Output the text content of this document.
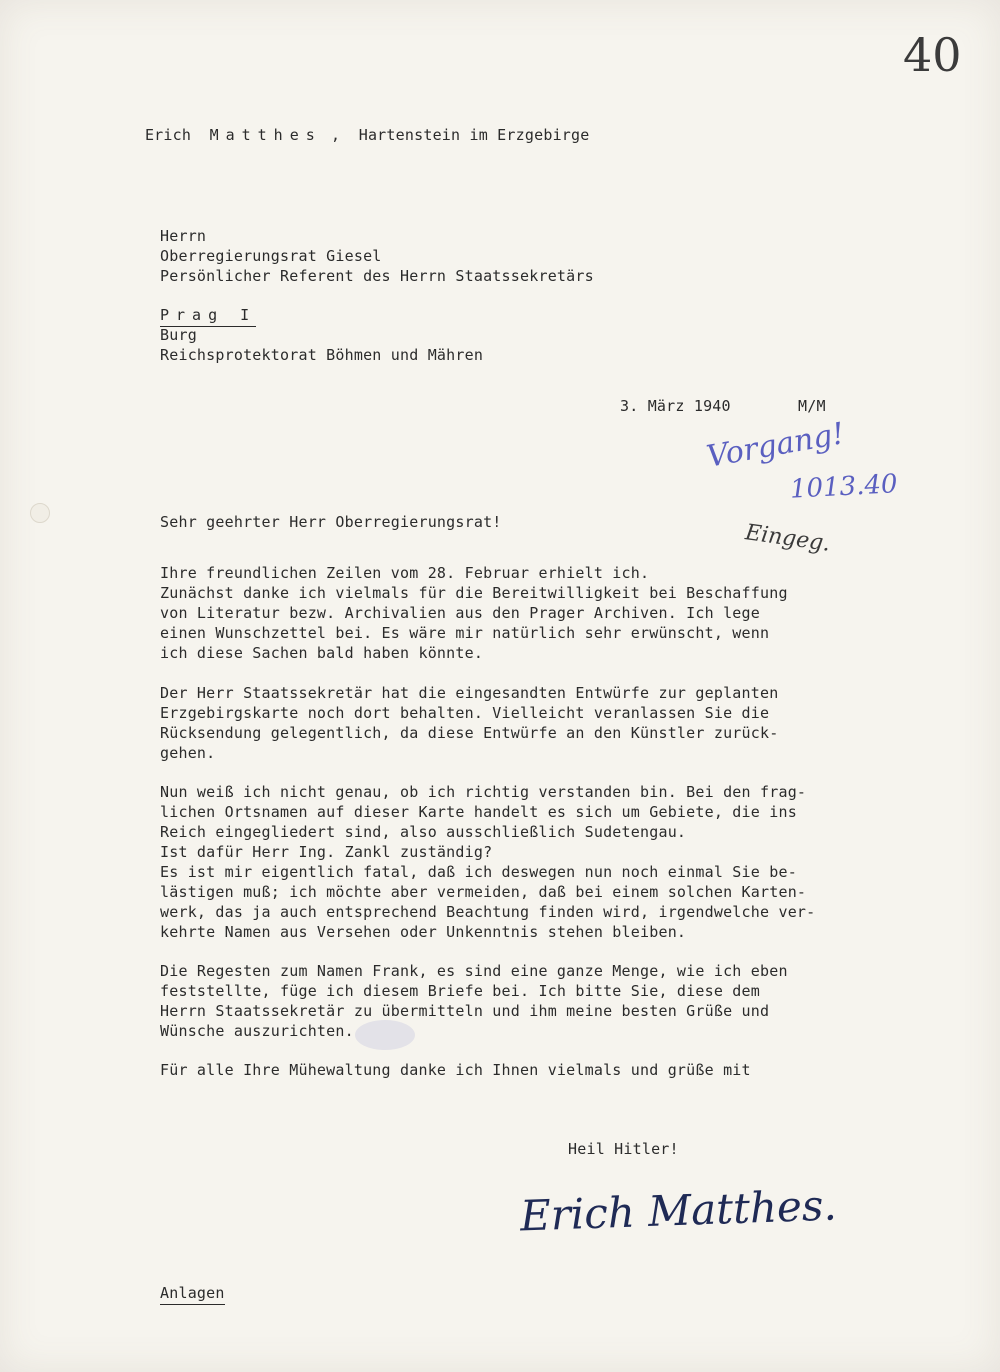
40

Erich Matthes ,  Hartenstein im Erzgebirge

Herrn
Oberregierungsrat Giesel
Persönlicher Referent des Herrn Staatssekretärs
Prag I
Burg
Reichsprotektorat Böhmen und Mähren
3. März 1940	M/M
Vorgang!
1013.40
Eingeg.
Sehr geehrter Herr Oberregierungsrat!
Ihre freundlichen Zeilen vom 28. Februar erhielt ich.
Zunächst danke ich vielmals für die Bereitwilligkeit bei Beschaffung
von Literatur bezw. Archivalien aus den Prager Archiven. Ich lege
einen Wunschzettel bei. Es wäre mir natürlich sehr erwünscht, wenn
ich diese Sachen bald haben könnte.
Der Herr Staatssekretär hat die eingesandten Entwürfe zur geplanten
Erzgebirgskarte noch dort behalten. Vielleicht veranlassen Sie die
Rücksendung gelegentlich, da diese Entwürfe an den Künstler zurück-
gehen.
Nun weiß ich nicht genau, ob ich richtig verstanden bin. Bei den frag-
lichen Ortsnamen auf dieser Karte handelt es sich um Gebiete, die ins
Reich eingegliedert sind, also ausschließlich Sudetengau.
Ist dafür Herr Ing. Zankl zuständig?
Es ist mir eigentlich fatal, daß ich deswegen nun noch einmal Sie be-
lästigen muß; ich möchte aber vermeiden, daß bei einem solchen Karten-
werk, das ja auch entsprechend Beachtung finden wird, irgendwelche ver-
kehrte Namen aus Versehen oder Unkenntnis stehen bleiben.
Die Regesten zum Namen Frank, es sind eine ganze Menge, wie ich eben
feststellte, füge ich diesem Briefe bei. Ich bitte Sie, diese dem
Herrn Staatssekretär zu übermitteln und ihm meine besten Grüße und
Wünsche auszurichten.
Für alle Ihre Mühewaltung danke ich Ihnen vielmals und grüße mit
Heil Hitler!
Erich Matthes.
Anlagen
